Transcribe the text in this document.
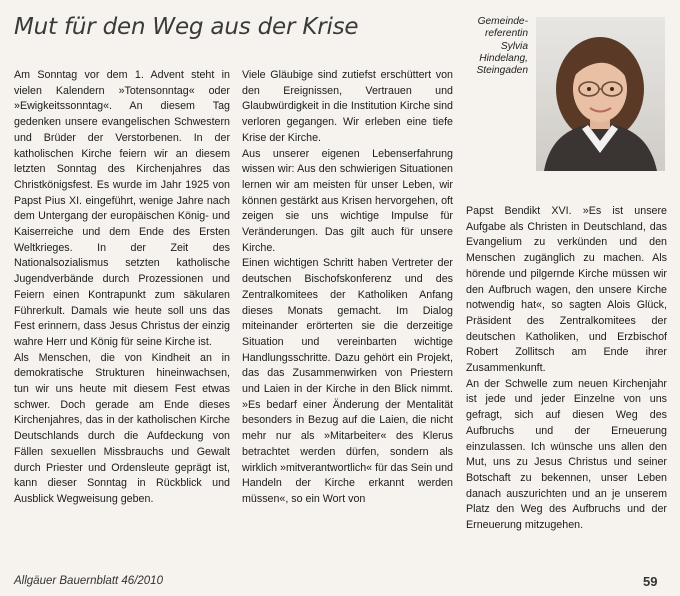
Mut für den Weg aus der Krise	Gemeinde-
referentin
Sylvia
Hindelang,
Steingaden

Am Sonntag vor dem 1. Advent steht in vielen Kalendern »Totensonntag« oder »Ewigkeitssonntag«. An diesem Tag gedenken unsere evangelischen Schwestern und Brüder der Verstorbenen. In der katholischen Kirche feiern wir an diesem letzten Sonntag des Kirchenjahres das Christkönigsfest. Es wurde im Jahr 1925 von Papst Pius XI. eingeführt, wenige Jahre nach dem Untergang der europäischen König- und Kaiserreiche und dem Ende des Ersten Weltkrieges. In der Zeit des Nationalsozialismus setzten katholische Jugendverbände durch Prozessionen und Feiern einen Kontrapunkt zum säkularen Führerkult. Damals wie heute soll uns das Fest erinnern, dass Jesus Christus der einzig wahre Herr und König für seine Kirche ist.

Als Menschen, die von Kindheit an in demokratische Strukturen hineinwachsen, tun wir uns heute mit diesem Fest etwas schwer. Doch gerade am Ende dieses Kirchenjahres, das in der katholischen Kirche Deutschlands durch die Aufdeckung von Fällen sexuellen Missbrauchs und Gewalt durch Priester und Ordensleute geprägt ist, kann dieser Sonntag in Rückblick und Ausblick Wegweisung geben.

Viele Gläubige sind zutiefst erschüttert von den Ereignissen, Vertrauen und Glaubwürdigkeit in die Institution Kirche sind verloren gegangen. Wir erleben eine tiefe Krise der Kirche.

Aus unserer eigenen Lebenserfahrung wissen wir: Aus den schwierigen Situationen lernen wir am meisten für unser Leben, wir können gestärkt aus Krisen hervorgehen, oft zeigen sie uns wichtige Impulse für Veränderungen. Das gilt auch für unsere Kirche.

Einen wichtigen Schritt haben Vertreter der deutschen Bischofskonferenz und des Zentralkomitees der Katholiken Anfang dieses Monats gemacht. Im Dialog miteinander erörterten sie die derzeitige Situation und vereinbarten wichtige Handlungsschritte. Dazu gehört ein Projekt, das das Zusammenwirken von Priestern und Laien in der Kirche in den Blick nimmt. »Es bedarf einer Änderung der Mentalität besonders in Bezug auf die Laien, die nicht mehr nur als »Mitarbeiter« des Klerus betrachtet werden dürfen, sondern als wirklich »mitverantwortlich« für das Sein und Handeln der Kirche erkannt werden müssen«, so ein Wort von

Papst Bendikt XVI. »Es ist unsere Aufgabe als Christen in Deutschland, das Evangelium zu verkünden und den Menschen zugänglich zu machen. Als hörende und pilgernde Kirche müssen wir den Aufbruch wagen, den unsere Kirche notwendig hat«, so sagten Alois Glück, Präsident des Zentralkomitees der deutschen Katholiken, und Erzbischof Robert Zollitsch am Ende ihrer Zusammenkunft.

An der Schwelle zum neuen Kirchenjahr ist jede und jeder Einzelne von uns gefragt, sich auf diesen Weg des Aufbruchs und der Erneuerung einzulassen. Ich wünsche uns allen den Mut, uns zu Jesus Christus und seiner Botschaft zu bekennen, unser Leben danach auszurichten und an je unserem Platz den Weg des Aufbruchs und der Erneuerung mitzugehen.

Allgäuer Bauernblatt 46/2010	59
